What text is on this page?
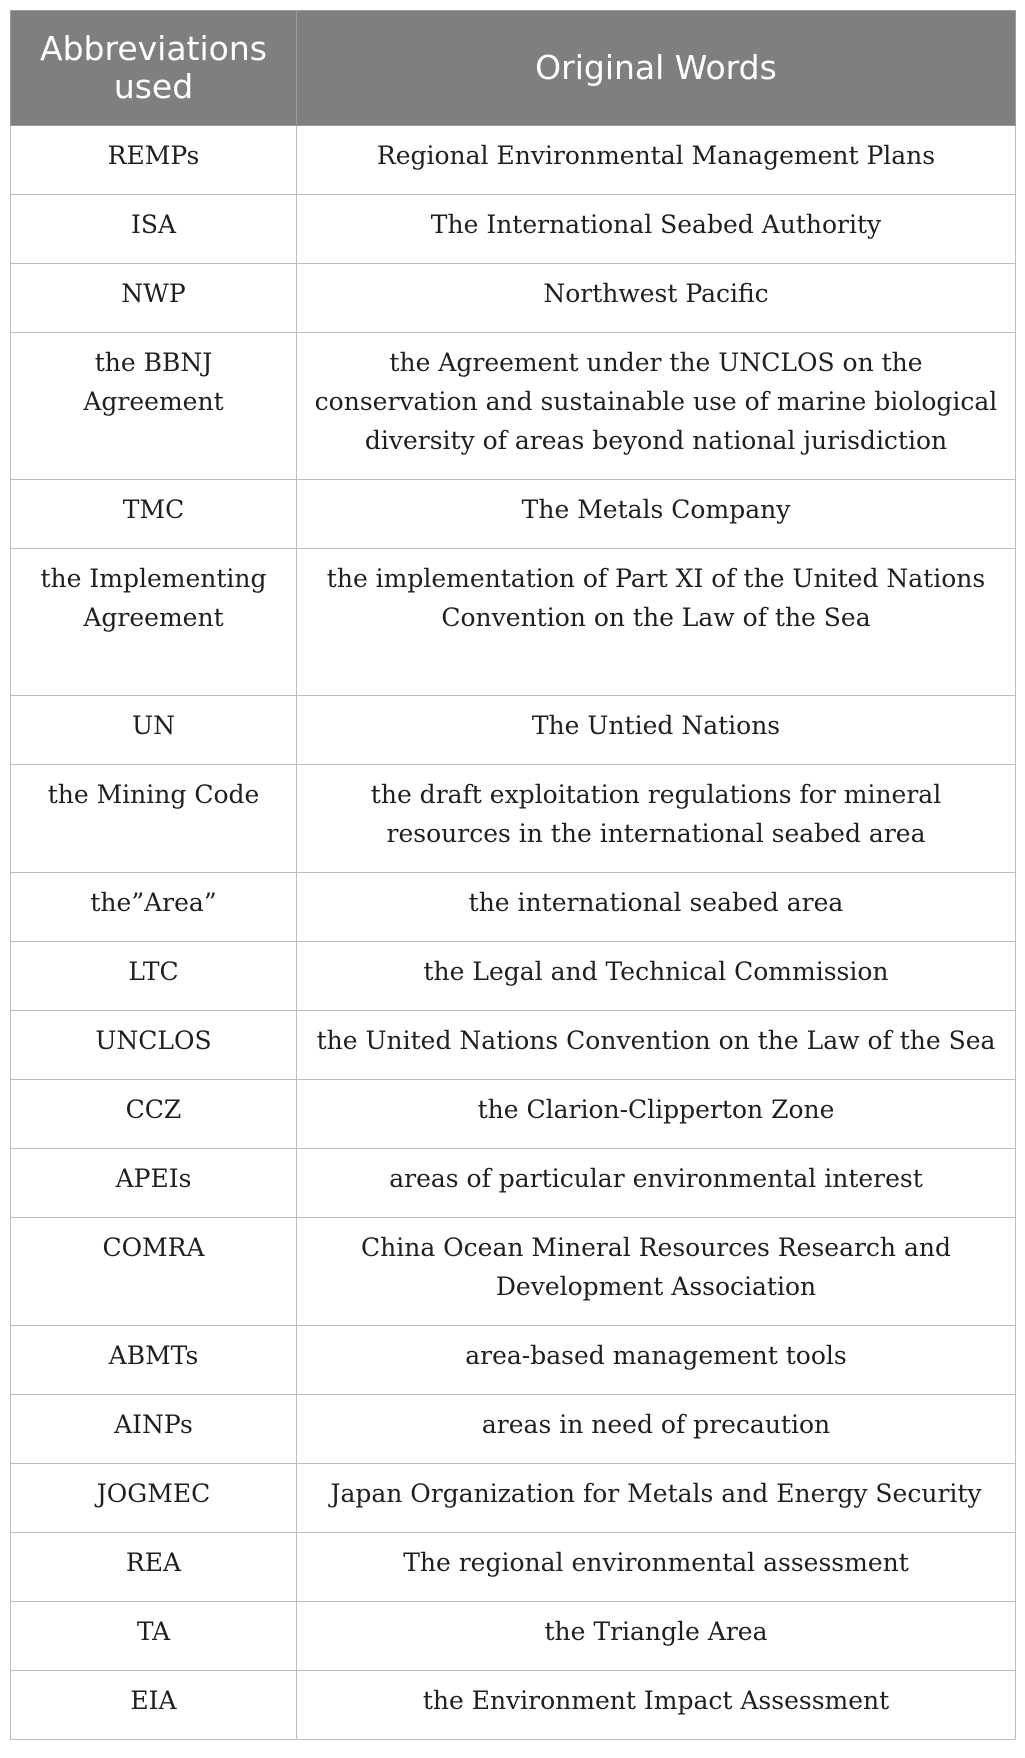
Abbreviations used	Original Words
REMPs	Regional Environmental Management Plans
ISA	The International Seabed Authority
NWP	Northwest Pacific
the BBNJ Agreement	the Agreement under the UNCLOS on the conservation and sustainable use of marine biological diversity of areas beyond national jurisdiction
TMC	The Metals Company
the Implementing Agreement	the implementation of Part XI of the United Nations Convention on the Law of the Sea
UN	The Untied Nations
the Mining Code	the draft exploitation regulations for mineral resources in the international seabed area
the”Area”	the international seabed area
LTC	the Legal and Technical Commission
UNCLOS	the United Nations Convention on the Law of the Sea
CCZ	the Clarion-Clipperton Zone
APEIs	areas of particular environmental interest
COMRA	China Ocean Mineral Resources Research and Development Association
ABMTs	area-based management tools
AINPs	areas in need of precaution
JOGMEC	Japan Organization for Metals and Energy Security
REA	The regional environmental assessment
TA	the Triangle Area
EIA	the Environment Impact Assessment
